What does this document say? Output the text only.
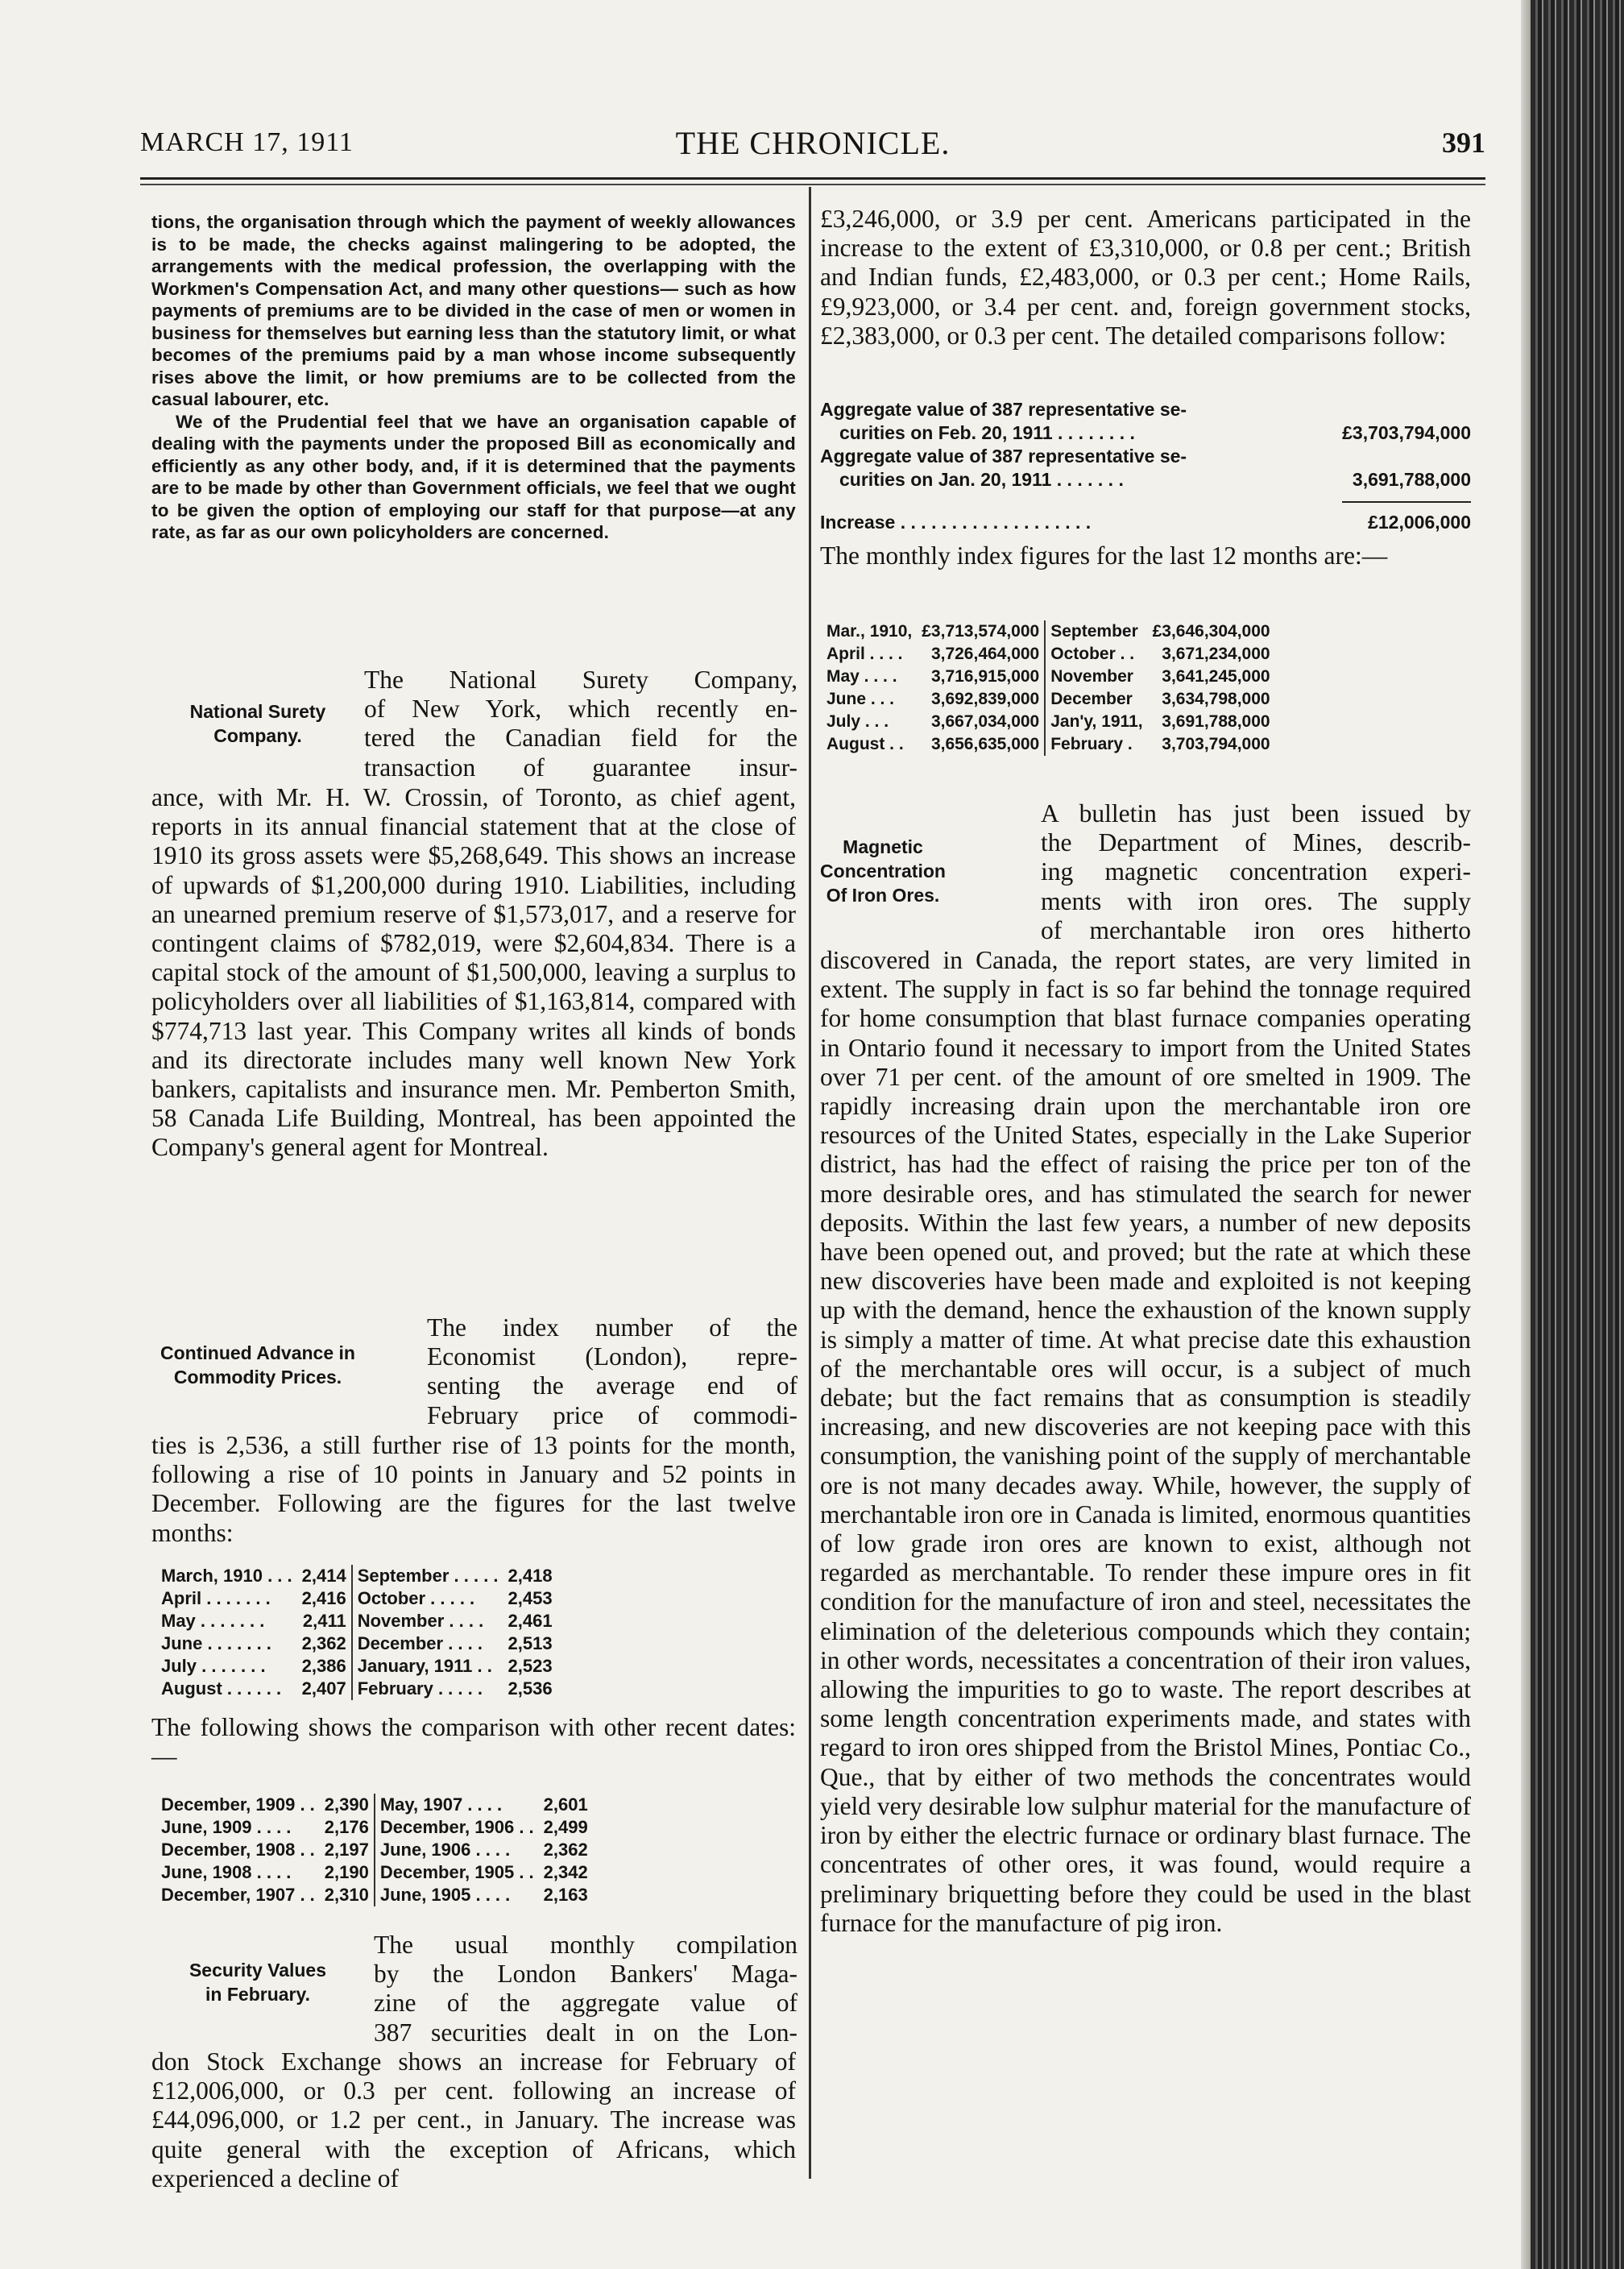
MARCH 17, 1911	THE CHRONICLE.	391

tions, the organisation through which the payment of weekly allowances is to be made, the checks against malingering to be adopted, the arrangements with the medical profession, the overlapping with the Workmen's Compensation Act, and many other questions— such as how payments of premiums are to be divided in the case of men or women in business for themselves but earning less than the statutory limit, or what becomes of the premiums paid by a man whose income subsequently rises above the limit, or how premiums are to be collected from the casual labourer, etc.

We of the Prudential feel that we have an organisation capable of dealing with the payments under the proposed Bill as economically and efficiently as any other body, and, if it is determined that the payments are to be made by other than Government officials, we feel that we ought to be given the option of employing our staff for that purpose—at any rate, as far as our own policyholders are concerned.

National Surety
Company.

The National Surety Company,

of New York, which recently en-

tered the Canadian field for the

transaction of guarantee insur-

ance, with Mr. H. W. Crossin, of Toronto, as chief agent, reports in its annual financial statement that at the close of 1910 its gross assets were $5,268,649. This shows an increase of upwards of $1,200,000 during 1910. Liabilities, including an unearned premium reserve of $1,573,017, and a reserve for contingent claims of $782,019, were $2,604,834. There is a capital stock of the amount of $1,500,000, leaving a surplus to policyholders over all liabilities of $1,163,814, compared with $774,713 last year. This Company writes all kinds of bonds and its directorate includes many well known New York bankers, capitalists and insurance men. Mr. Pemberton Smith, 58 Canada Life Building, Montreal, has been appointed the Company's general agent for Montreal.

Continued Advance in
Commodity Prices.

The index number of the

Economist (London), repre-

senting the average end of

February price of commodi-

ties is 2,536, a still further rise of 13 points for the month, following a rise of 10 points in January and 52 points in December. Following are the figures for the last twelve months:

March, 1910 . . .	2,414	September . . . . .	2,418
April . . . . . . .	2,416	October . . . . .	2,453
May . . . . . . .	2,411	November . . . .	2,461
June . . . . . . .	2,362	December . . . .	2,513
July . . . . . . .	2,386	January, 1911 . .	2,523
August . . . . . .	2,407	February . . . . .	2,536

The following shows the comparison with other recent dates:—

December, 1909 . .	2,390	May, 1907 . . . .	2,601
June, 1909 . . . .	2,176	December, 1906 . .	2,499
December, 1908 . .	2,197	June, 1906 . . . .	2,362
June, 1908 . . . .	2,190	December, 1905 . .	2,342
December, 1907 . .	2,310	June, 1905 . . . .	2,163
Security Values
in February.

The usual monthly compilation

by the London Bankers' Maga-

zine of the aggregate value of

387 securities dealt in on the Lon-

don Stock Exchange shows an increase for February of £12,006,000, or 0.3 per cent. following an increase of £44,096,000, or 1.2 per cent., in January. The increase was quite general with the exception of Africans, which experienced a decline of

£3,246,000, or 3.9 per cent. Americans participated in the increase to the extent of £3,310,000, or 0.8 per cent.; British and Indian funds, £2,483,000, or 0.3 per cent.; Home Rails, £9,923,000, or 3.4 per cent. and, foreign government stocks, £2,383,000, or 0.3 per cent. The detailed comparisons follow:

Aggregate value of 387 representative se-
curities on Feb. 20, 1911 . . . . . . . .	£3,703,794,000
Aggregate value of 387 representative se-
curities on Jan. 20, 1911 . . . . . . .	3,691,788,000
Increase . . . . . . . . . . . . . . . . . . .	£12,006,000

The monthly index figures for the last 12 months are:—

Mar., 1910,	£3,713,574,000	September	£3,646,304,000
April . . . .	3,726,464,000	October . .	3,671,234,000
May . . . .	3,716,915,000	November	3,641,245,000
June . . .	3,692,839,000	December	3,634,798,000
July . . .	3,667,034,000	Jan'y, 1911,	3,691,788,000
August . .	3,656,635,000	February .	3,703,794,000
Magnetic
Concentration
Of Iron Ores.

A bulletin has just been issued by

the Department of Mines, describ-

ing magnetic concentration experi-

ments with iron ores. The supply

of merchantable iron ores hitherto

discovered in Canada, the report states, are very limited in extent. The supply in fact is so far behind the tonnage required for home consumption that blast furnace companies operating in Ontario found it necessary to import from the United States over 71 per cent. of the amount of ore smelted in 1909. The rapidly increasing drain upon the merchantable iron ore resources of the United States, especially in the Lake Superior district, has had the effect of raising the price per ton of the more desirable ores, and has stimulated the search for newer deposits. Within the last few years, a number of new deposits have been opened out, and proved; but the rate at which these new discoveries have been made and exploited is not keeping up with the demand, hence the exhaustion of the known supply is simply a matter of time. At what precise date this exhaustion of the merchantable ores will occur, is a subject of much debate; but the fact remains that as consumption is steadily increasing, and new discoveries are not keeping pace with this consumption, the vanishing point of the supply of merchantable ore is not many decades away. While, however, the supply of merchantable iron ore in Canada is limited, enormous quantities of low grade iron ores are known to exist, although not regarded as merchantable. To render these impure ores in fit condition for the manufacture of iron and steel, necessitates the elimination of the deleterious compounds which they contain; in other words, necessitates a concentration of their iron values, allowing the impurities to go to waste. The report describes at some length concentration experiments made, and states with regard to iron ores shipped from the Bristol Mines, Pontiac Co., Que., that by either of two methods the concentrates would yield very desirable low sulphur material for the manufacture of iron by either the electric furnace or ordinary blast furnace. The concentrates of other ores, it was found, would require a preliminary briquetting before they could be used in the blast furnace for the manufacture of pig iron.
